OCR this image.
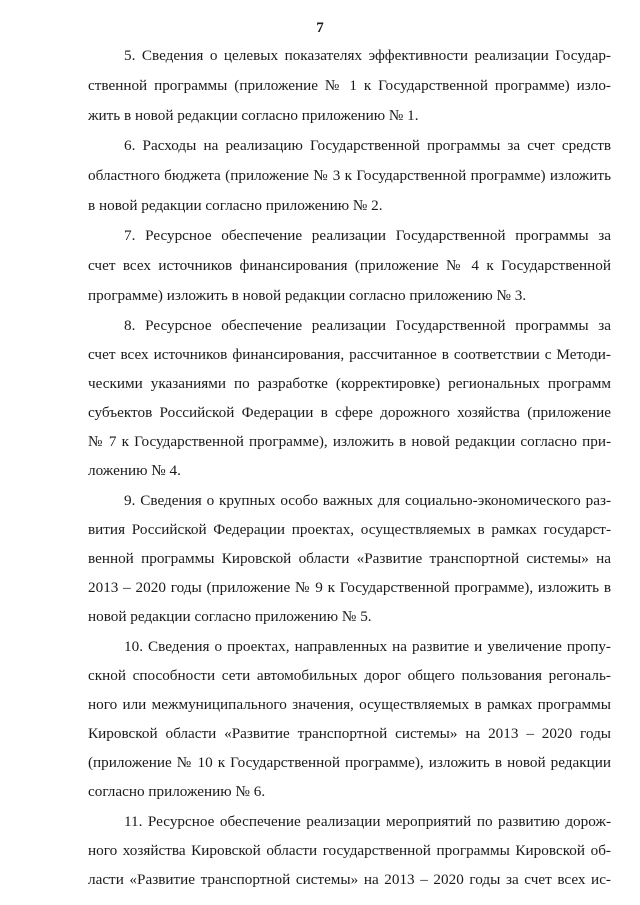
7
5. Сведения о целевых показателях эффективности реализации Государ-
ственной программы (приложение № 1 к Государственной программе) изло-
жить в новой редакции согласно приложению № 1.
6. Расходы на реализацию Государственной программы за счет средств
областного бюджета (приложение № 3 к Государственной программе) изложить
в новой редакции согласно приложению № 2.
7. Ресурсное обеспечение реализации Государственной программы за
счет всех источников финансирования (приложение № 4 к Государственной
программе) изложить в новой редакции согласно приложению № 3.
8. Ресурсное обеспечение реализации Государственной программы за
счет всех источников финансирования, рассчитанное в соответствии с Методи-
ческими указаниями по разработке (корректировке) региональных программ
субъектов Российской Федерации в сфере дорожного хозяйства (приложение
№ 7 к Государственной программе), изложить в новой редакции согласно при-
ложению № 4.
9. Сведения о крупных особо важных для социально-экономического раз-
вития Российской Федерации проектах, осуществляемых в рамках государст-
венной программы Кировской области «Развитие транспортной системы» на
2013 – 2020 годы (приложение № 9 к Государственной программе), изложить в
новой редакции согласно приложению № 5.
10. Сведения о проектах, направленных на развитие и увеличение пропу-
скной способности сети автомобильных дорог общего пользования регональ-
ного или межмуниципального значения, осуществляемых в рамках программы
Кировской области «Развитие транспортной системы» на 2013 – 2020 годы
(приложение № 10 к Государственной программе), изложить в новой редакции
согласно приложению № 6.
11. Ресурсное обеспечение реализации мероприятий по развитию дорож-
ного хозяйства Кировской области государственной программы Кировской об-
ласти «Развитие транспортной системы» на 2013 – 2020 годы за счет всех ис-
